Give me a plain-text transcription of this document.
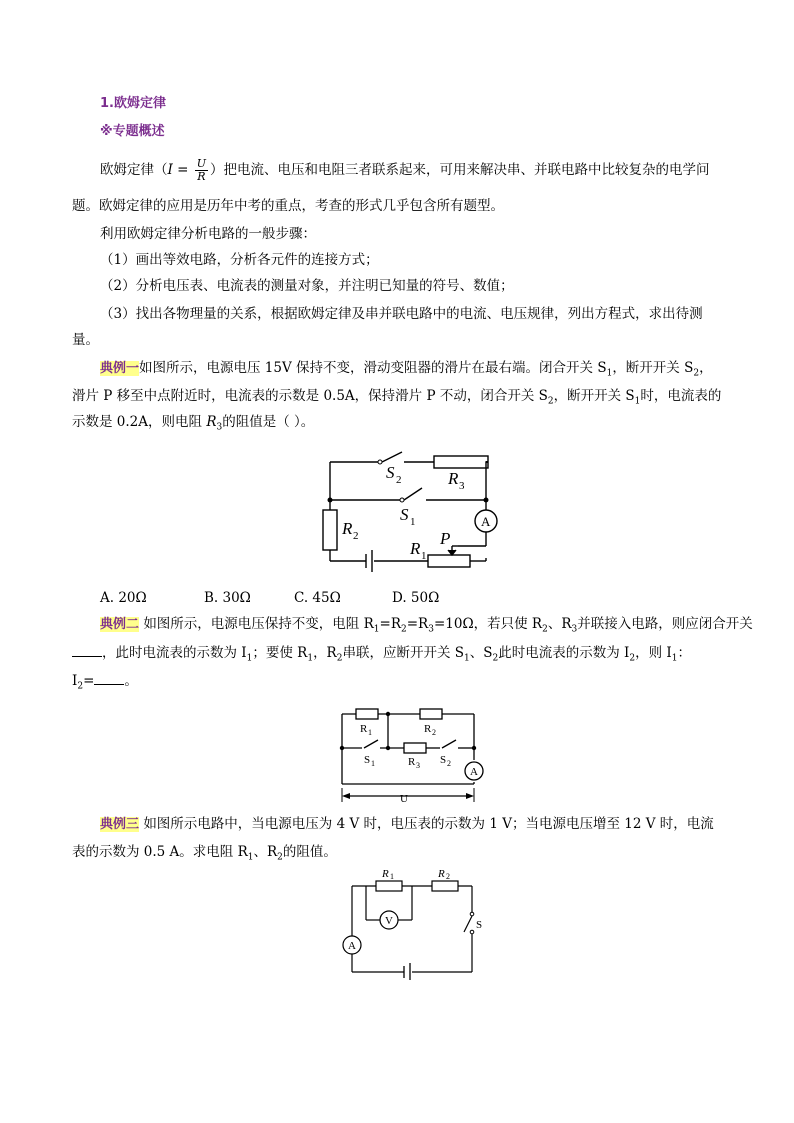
1.欧姆定律
※专题概述
欧姆定律（$I = \frac{U}{R}$ ）把电流、电压和电阻三者联系起来，可用来解决串、并联电路中比较复杂的电学问
题。欧姆定律的应用是历年中考的重点，考查的形式几乎包含所有题型。
利用欧姆定律分析电路的一般步骤：
（1）画出等效电路，分析各元件的连接方式；
（2）分析电压表、电流表的测量对象，并注明已知量的符号、数值；
（3）找出各物理量的关系，根据欧姆定律及串并联电路中的电流、电压规律，列出方程式，求出待测
量。
典例一如图所示，电源电压 15V 保持不变，滑动变阻器的滑片在最右端。闭合开关 $S_1$，断开开关 $S_2$，
滑片 P 移至中点附近时，电流表的示数是 0.5A，保持滑片 P 不动，闭合开关 $S_2$，断开开关 $S_1$时，电流表的
示数是 0.2A，则电阻 $R_3$的阻值是（ ）。
A
S 2	R 3
S 1
R 2
R 1
P
A. 20Ω	B. 30Ω	C. 45Ω	D. 50Ω
典例二 如图所示，电源电压保持不变，电阻 $R_1=R_2=R_3=10\Omega$，若只使 $R_2$、$R_3$并联接入电路，则应闭合开关
，此时电流表的示数为 $I_1$；要使 $R_1$，$R_2$串联，应断开开关 $S_1$、$S_2$此时电流表的示数为 $I_2$，则 $I_1$：
$I_2=$ 。
A
R 1	R 2
S 1	R 3 S 2
U
典例三 如图所示电路中，当电源电压为 4 V 时，电压表的示数为 1 V；当电源电压增至 12 V 时，电流
表的示数为 0.5 A。求电阻 $R_1$、$R_2$的阻值。
V
A
R 1	R 2
S
